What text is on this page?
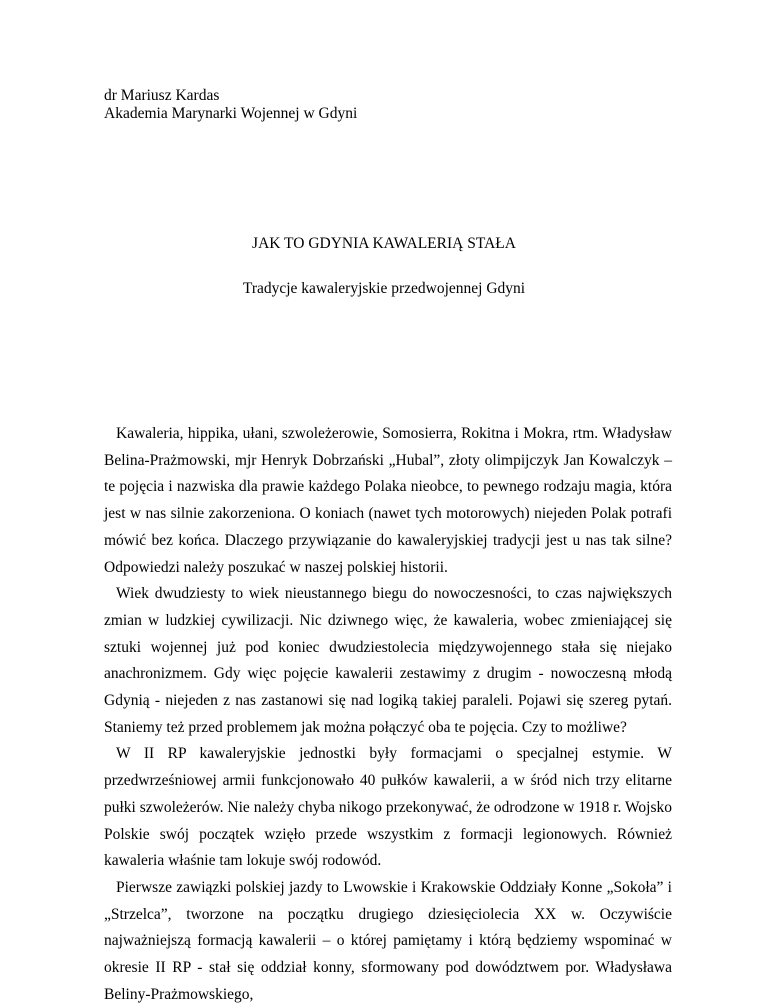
dr Mariusz Kardas
Akademia Marynarki Wojennej w Gdyni
JAK TO GDYNIA KAWALERIĄ STAŁA
Tradycje kawaleryjskie przedwojennej Gdyni

Kawaleria, hippika, ułani, szwoleżerowie, Somosierra, Rokitna i Mokra, rtm. Władysław Belina-Prażmowski, mjr Henryk Dobrzański „Hubal”, złoty olimpijczyk Jan Kowalczyk – te pojęcia i nazwiska dla prawie każdego Polaka nieobce, to pewnego rodzaju magia, która jest w nas silnie zakorzeniona. O koniach (nawet tych motorowych) niejeden Polak potrafi mówić bez końca. Dlaczego przywiązanie do kawaleryjskiej tradycji jest u nas tak silne? Odpowiedzi należy poszukać w naszej polskiej historii.

Wiek dwudziesty to wiek nieustannego biegu do nowoczesności, to czas największych zmian w ludzkiej cywilizacji. Nic dziwnego więc, że kawaleria, wobec zmieniającej się sztuki wojennej już pod koniec dwudziestolecia międzywojennego stała się niejako anachronizmem. Gdy więc pojęcie kawalerii zestawimy z drugim - nowoczesną młodą Gdynią - niejeden z nas zastanowi się nad logiką takiej paraleli. Pojawi się szereg pytań. Staniemy też przed problemem jak można połączyć oba te pojęcia. Czy to możliwe?

W II RP kawaleryjskie jednostki były formacjami o specjalnej estymie. W przedwrześniowej armii funkcjonowało 40 pułków kawalerii, a w śród nich trzy elitarne pułki szwoleżerów. Nie należy chyba nikogo przekonywać, że odrodzone w 1918 r. Wojsko Polskie swój początek wzięło przede wszystkim z formacji legionowych. Również kawaleria właśnie tam lokuje swój rodowód.

Pierwsze zawiązki polskiej jazdy to Lwowskie i Krakowskie Oddziały Konne „Sokoła” i „Strzelca”, tworzone na początku drugiego dziesięciolecia XX w. Oczywiście najważniejszą formacją kawalerii – o której pamiętamy i którą będziemy wspominać w okresie II RP - stał się oddział konny, sformowany pod dowództwem por. Władysława Beliny-Prażmowskiego,
